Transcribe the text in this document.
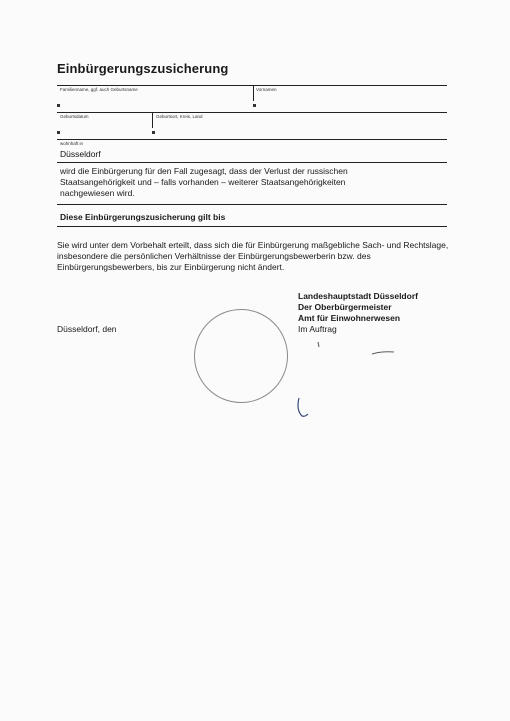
Einbürgerungszusicherung
Familienname, ggf. auch Geburtsname	Vornamen
Geburtsdatum	Geburtsort, Kreis, Land
wohnhaft in
Düsseldorf
wird die Einbürgerung für den Fall zugesagt, dass der Verlust der russischen Staatsangehörigkeit und – falls vorhanden – weiterer Staatsangehörigkeiten nachgewiesen wird.
Diese Einbürgerungszusicherung gilt bis
Sie wird unter dem Vorbehalt erteilt, dass sich die für Einbürgerung maßgebliche Sach- und Rechtslage, insbesondere die persönlichen Verhältnisse der Einbürgerungsbewerberin bzw. des Einbürgerungsbewerbers, bis zur Einbürgerung nicht ändert.
Landeshauptstadt Düsseldorf
Der Oberbürgermeister
Amt für Einwohnerwesen
Im Auftrag
Düsseldorf, den
